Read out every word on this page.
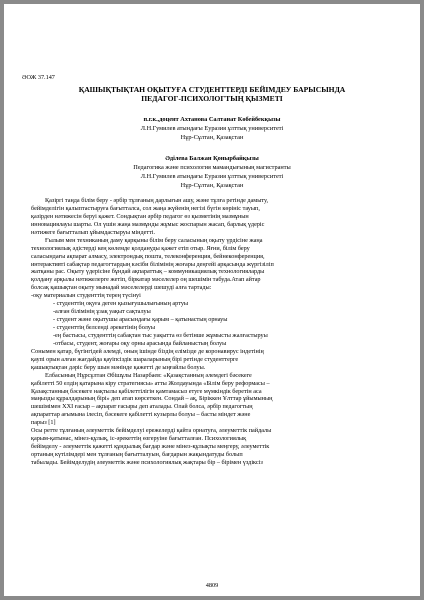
ӘОЖ 37.147
ҚАШЫҚТЫҚТАН ОҚЫТУҒА СТУДЕНТТЕРДІ БЕЙІМДЕУ БАРЫСЫНДА
ПЕДАГОГ-ПСИХОЛОГТЫҢ ҚЫЗМЕТІ
п.г.к.,доцент Ахтанова Салтанат Көбейбекқызы
Л.Н.Гумилев атындағы Еуразия ұлттық университеті
Нұр-Сұлтан, Қазақстан
Әділева Балжан Қонырбайқызы
Педагогика және психология мамандығының магистранты
Л.Н.Гумилев атындағы Еуразия ұлттық университеті
Нұр-Сұлтан, Қазақстан
Қазіргі таңда білім беру - әрбір тұлғаның дарлығын ашу, және тұлға ретінде дамыту,
бейімделігін қалыптастыруға бағытталса, сол жаңа жүйенің негізі бүгін көрініс тауып,
қазірден нәтижесін беруі қажет. Сондықтан әрбір педагог өз қызметінің мазмұнын
инновациялауы шарты. Ол үшін жаңа мазмұнды жұмыс жоспарын жасап, барлық үдеріс
нәтижеге бағытталып ұйымдастыруы міндетті.
Ғылым мен техниканың даму қарқыны білім беру саласының оқыту үрдісіне жаңа
технологиялық әдістерді кең көлемде қолдануды қажет етіп отыр. Яғни, білім беру
саласындағы ақпарат алмасу, электрондық пошта, телеконференция, бейнеконференция,
интерактивті сабақтар педагогтардың кәсіби білімінің жоғары деңгейі арқасында жүргізіліп
жатқаны рас. Оқыту үдерісіне бұндай ақпараттық – коммуникациялық технологияларды
қолдану арқылы нәтижелерге жетіп, біркатар мәселелер оң шешімін табуда.Атап айтар
болсақ қашықтан оқыту мынадай мәселелерді шешуді алға тартады:
-оқу материалын студенттің терең түсінуі
- студенттің оқуға деген қызығушылығының артуы
-алған білімінің ұзақ уақыт сақталуы
- студент және оқытушы арасындағы қарым – қатынастың орнауы
- студенттің белсенді әрекетінің болуы
-ең бастысы, студенттің сабақтан тыс уақытта өз бетінше жұмысты жалғастыруы
-отбасы, студент, жоғары оқу орны арасында байланыстың болуы
Сонымен қатар, бүгінгідей әлемді, оның ішінде біздің елімізде де коронавирус індетінің
қаупі орын алған жағдайда қауіпсіздік шараларының бірі ретінде студенттерге
қашықтықтан дәріс беру шын мәнінде қажетті де ыңғайлы болуы.
Елбасының Нұрсұлтан Әбішұлы Назарбаев: «Қазақстанның әлемдегі бәсекеге
қабілетті 50 елдің қатарына кіру стратегиясы» атты Жолдауында «Білім беру реформасы –
Қазақстанның бәсекеге нақтылы қабілеттілігін қамтамасыз етуге мүмкіндік беретін аса
маңызды құралдарының бірі» деп атап көрсеткен. Сондай – ақ, Біріккен Ұлттар ұйымының
шешімімен ХХІ ғасыр – ақпарат ғасыры деп аталады. Олай болса, әрбір педагогтың
ақпараттар ағымына ілесіп, бәсекеге қабілетті кузырлы болуы – басты міндет және
парыз [1]
Осы ретте тұлғаның әлеуметтік бейімделуі ережелерді қайта орнатуға, әлеуметтік пайдалы
қарым-қатынас, мінез-құлық, іс-әрекеттің өзгеруіне бағытталған. Психологиялық
бейімделу - әлеуметтік қажетті құндылық бағдар және мінез-құлықты меңгеру, әлеуметтік
ортаның күтілімдері мен тұлғаның бағытталуын, бағдарын жақындатуды болып
табылады. Бейімделудің әлеуметтік және психологиялық жақтары бір – бірімен үздіксіз
4809
